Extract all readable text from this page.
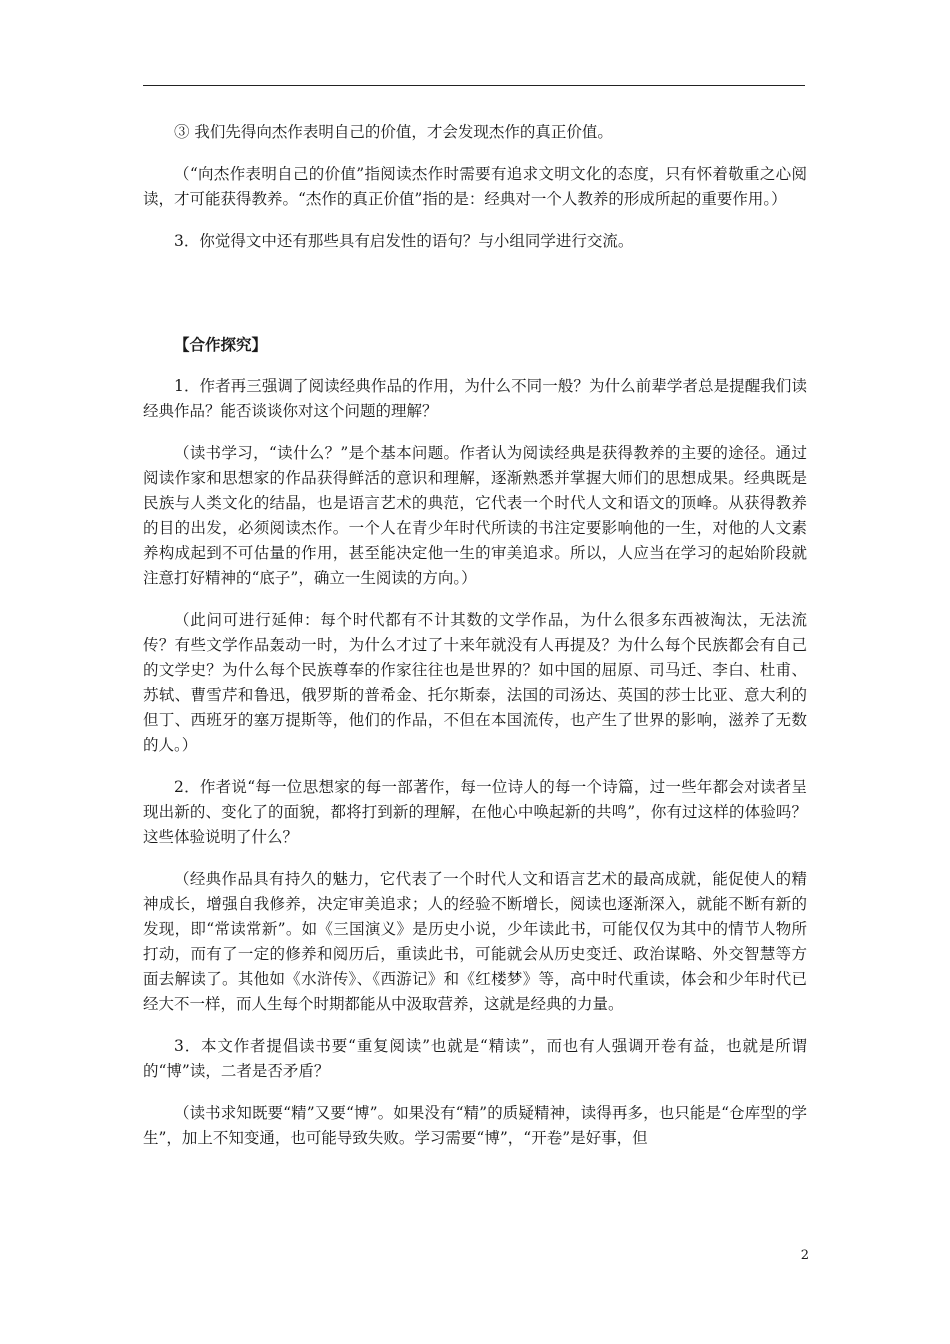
③ 我们先得向杰作表明自己的价值，才会发现杰作的真正价值。

（“向杰作表明自己的价值”指阅读杰作时需要有追求文明文化的态度，只有怀着敬重之心阅读，才可能获得教养。“杰作的真正价值”指的是：经典对一个人教养的形成所起的重要作用。）

3．你觉得文中还有那些具有启发性的语句？与小组同学进行交流。

【合作探究】

1．作者再三强调了阅读经典作品的作用，为什么不同一般？为什么前辈学者总是提醒我们读经典作品？能否谈谈你对这个问题的理解？

（读书学习，“读什么？”是个基本问题。作者认为阅读经典是获得教养的主要的途径。通过阅读作家和思想家的作品获得鲜活的意识和理解，逐渐熟悉并掌握大师们的思想成果。经典既是民族与人类文化的结晶，也是语言艺术的典范，它代表一个时代人文和语文的顶峰。从获得教养的目的出发，必须阅读杰作。一个人在青少年时代所读的书注定要影响他的一生，对他的人文素养构成起到不可估量的作用，甚至能决定他一生的审美追求。所以，人应当在学习的起始阶段就注意打好精神的“底子”，确立一生阅读的方向。）

（此问可进行延伸：每个时代都有不计其数的文学作品，为什么很多东西被淘汰，无法流传？有些文学作品轰动一时，为什么才过了十来年就没有人再提及？为什么每个民族都会有自己的文学史？为什么每个民族尊奉的作家往往也是世界的？如中国的屈原、司马迁、李白、杜甫、苏轼、曹雪芹和鲁迅，俄罗斯的普希金、托尔斯泰，法国的司汤达、英国的莎士比亚、意大利的但丁、西班牙的塞万提斯等，他们的作品，不但在本国流传，也产生了世界的影响，滋养了无数的人。）

2．作者说“每一位思想家的每一部著作，每一位诗人的每一个诗篇，过一些年都会对读者呈现出新的、变化了的面貌，都将打到新的理解，在他心中唤起新的共鸣”，你有过这样的体验吗？这些体验说明了什么？

（经典作品具有持久的魅力，它代表了一个时代人文和语言艺术的最高成就，能促使人的精神成长，增强自我修养，决定审美追求；人的经验不断增长，阅读也逐渐深入，就能不断有新的发现，即“常读常新”。如《三国演义》是历史小说，少年读此书，可能仅仅为其中的情节人物所打动，而有了一定的修养和阅历后，重读此书，可能就会从历史变迁、政治谋略、外交智慧等方面去解读了。其他如《水浒传》、《西游记》和《红楼梦》等，高中时代重读，体会和少年时代已经大不一样，而人生每个时期都能从中汲取营养，这就是经典的力量。

3．本文作者提倡读书要“重复阅读”也就是“精读”，而也有人强调开卷有益，也就是所谓的“博”读，二者是否矛盾？

（读书求知既要“精”又要“博”。如果没有“精”的质疑精神，读得再多，也只能是“仓库型的学生”，加上不知变通，也可能导致失败。学习需要“博”，“开卷”是好事，但

2
